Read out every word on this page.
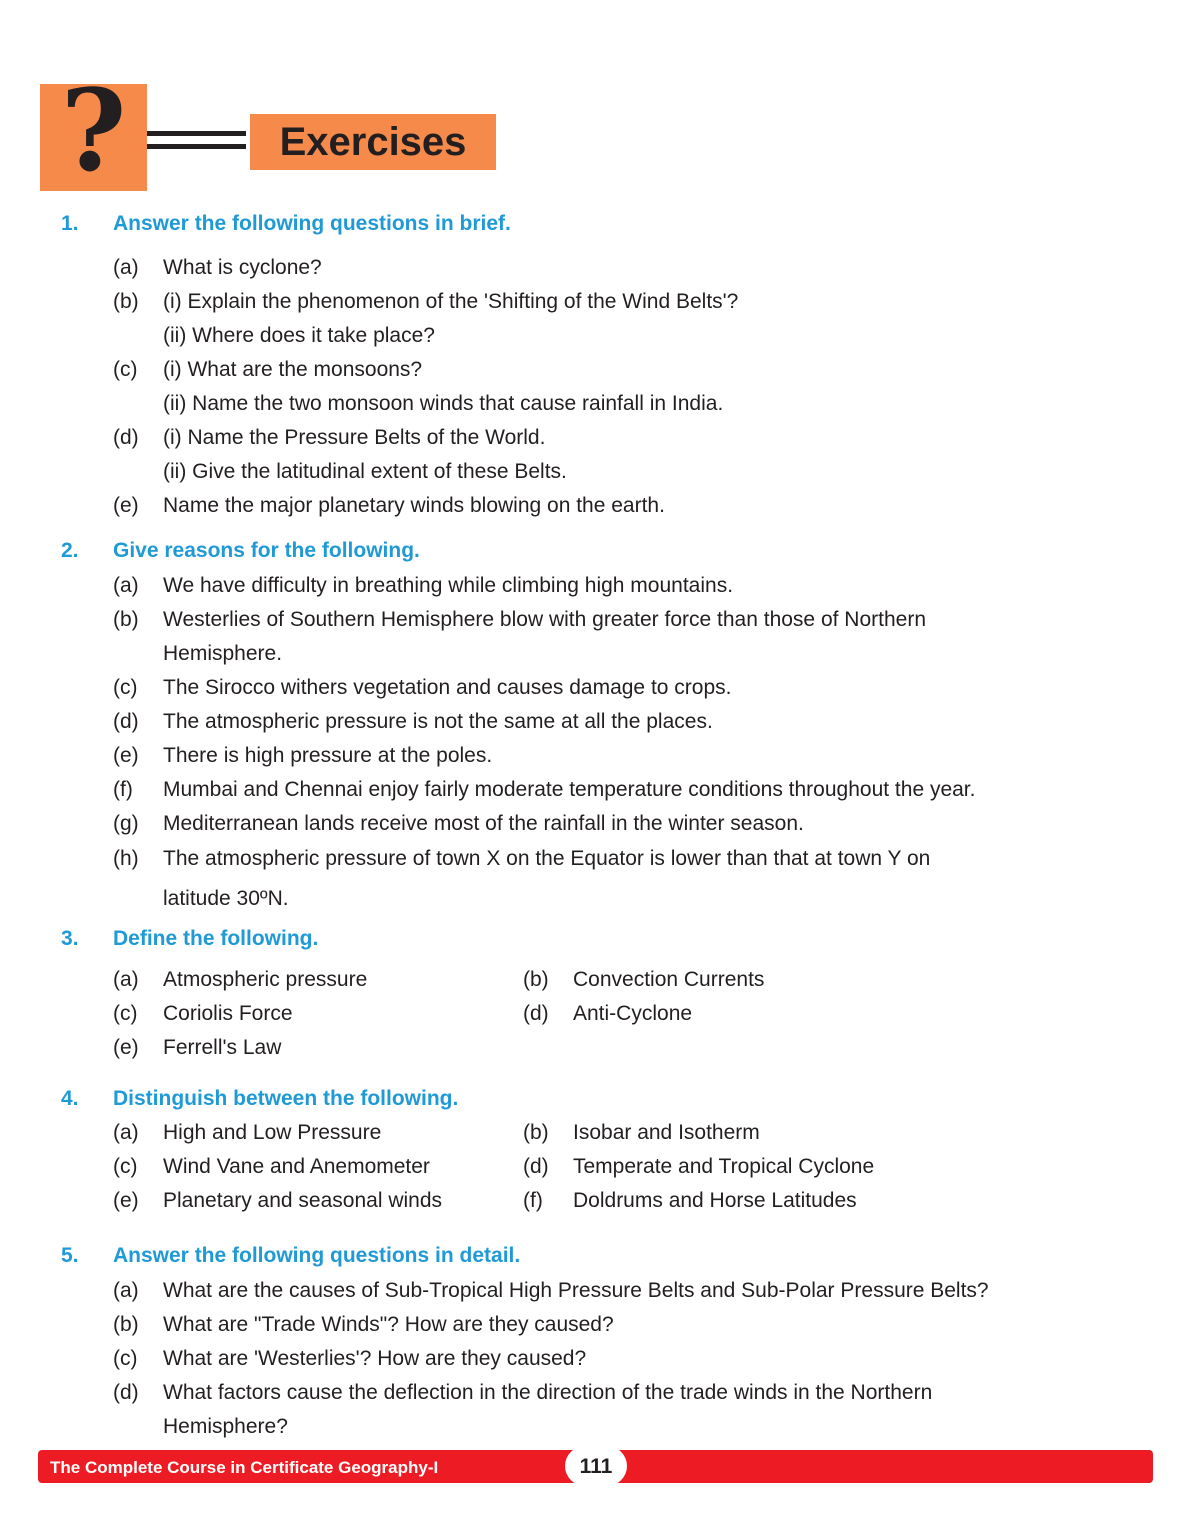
?	Exercises
1. Answer the following questions in brief.
(a) What is cyclone?
(b) (i) Explain the phenomenon of the 'Shifting of the Wind Belts'?
(ii) Where does it take place?
(c) (i) What are the monsoons?
(ii) Name the two monsoon winds that cause rainfall in India.
(d) (i) Name the Pressure Belts of the World.
(ii) Give the latitudinal extent of these Belts.
(e) Name the major planetary winds blowing on the earth.
2. Give reasons for the following.
(a) We have difficulty in breathing while climbing high mountains.
(b) Westerlies of Southern Hemisphere blow with greater force than those of Northern
Hemisphere.
(c) The Sirocco withers vegetation and causes damage to crops.
(d) The atmospheric pressure is not the same at all the places.
(e) There is high pressure at the poles.
(f) Mumbai and Chennai enjoy fairly moderate temperature conditions throughout the year.
(g) Mediterranean lands receive most of the rainfall in the winter season.
(h) The atmospheric pressure of town X on the Equator is lower than that at town Y on
latitude 30ºN.
3. Define the following.
(a) Atmospheric pressure	(b) Convection Currents
(c) Coriolis Force	(d) Anti-Cyclone
(e) Ferrell's Law
4. Distinguish between the following.
(a) High and Low Pressure	(b) Isobar and Isotherm
(c) Wind Vane and Anemometer	(d) Temperate and Tropical Cyclone
(e) Planetary and seasonal winds	(f) Doldrums and Horse Latitudes
5. Answer the following questions in detail.
(a) What are the causes of Sub-Tropical High Pressure Belts and Sub-Polar Pressure Belts?
(b) What are "Trade Winds"? How are they caused?
(c) What are 'Westerlies'? How are they caused?
(d) What factors cause the deflection in the direction of the trade winds in the Northern
Hemisphere?
The Complete Course in Certificate Geography-I	111
